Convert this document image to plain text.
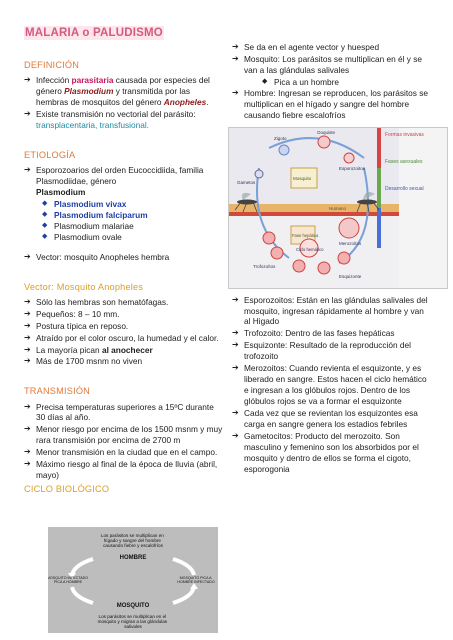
MALARIA o PALUDISMO
DEFINICIÓN
➔ Infección parasitaria causada por especies del género Plasmodium y transmitida por las hembras de mosquitos del género Anopheles.
➔ Existe transmisión no vectorial del parásito: transplacentaria, transfusional.
ETIOLOGÍA
➔ Esporozoarios del orden Eucoccidiida, familia Plasmodiidae, género
Plasmodium
◆ Plasmodium vivax
◆ Plasmodium falciparum
◆ Plasmodium malariae
◆ Plasmodium ovale
➔ Vector: mosquito Anopheles hembra
Vector: Mosquito Anopheles
➔ Sólo las hembras son hematófagas.
➔ Pequeños: 8 – 10 mm.
➔ Postura típica en reposo.
➔ Atraído por el color oscuro, la humedad y el calor.
➔ La mayoría pican al anochecer
➔ Más de 1700 msnm no viven
TRANSMISIÓN
➔ Precisa temperaturas superiores a 15ºC durante 30 días al año.
➔ Menor riesgo por encima de los 1500 msnm y muy rara transmisión por encima de 2700 m
➔ Menor transmisión en la ciudad que en el campo.
➔ Máximo riesgo al final de la época de lluvia (abril, mayo)
CICLO BIOLÓGICO
Los parásitos se multiplican en hígado y sangre del hombre causando fiebre y escalofríos
HOMBRE
MOSQUITO INFECTADO PICA A HOMBRE
MOSQUITO PICA A HOMBRE INFECTADO
MOSQUITO
Los parásitos se multiplican en el mosquito y migran a las glándulas salivales
➔ Se da en el agente vector y huesped
➔ Mosquito: Los parásitos se multiplican en él y se van a las glándulas salivales
◆ Pica a un hombre
➔ Hombre: Ingresan se reproducen, los parásitos se multiplican en el hígado y sangre del hombre causando fiebre escalofríos
Formas invasivas
Fases asexuales
Desarrollo sexual
Zigoto
Ooquiste
Esporozoitos
Gametos
Mosquito
Humano
Fase hepática
Merozoítos
Ciclo hemático
Trofozoítos
Esquizonte
➔ Esporozoitos: Están en las glándulas salivales del mosquito, ingresan rápidamente al hombre y van al Higado
➔ Trofozoito: Dentro de las fases hepáticas
➔ Esquizonte: Resultado de la reproducción del trofozoito
➔ Merozoitos: Cuando revienta el esquizonte, y es liberado en sangre. Estos hacen el ciclo hemático e ingresan a los glóbulos rojos. Dentro de los glóbulos rojos se va a formar el esquizonte
➔ Cada vez que se revientan los esquizontes esa carga en sangre genera los estadios febriles
➔ Gametocitos: Producto del merozoito. Son masculino y femenino son los absorbidos por el mosquito y dentro de ellos se forma el cigoto, esporogonia
